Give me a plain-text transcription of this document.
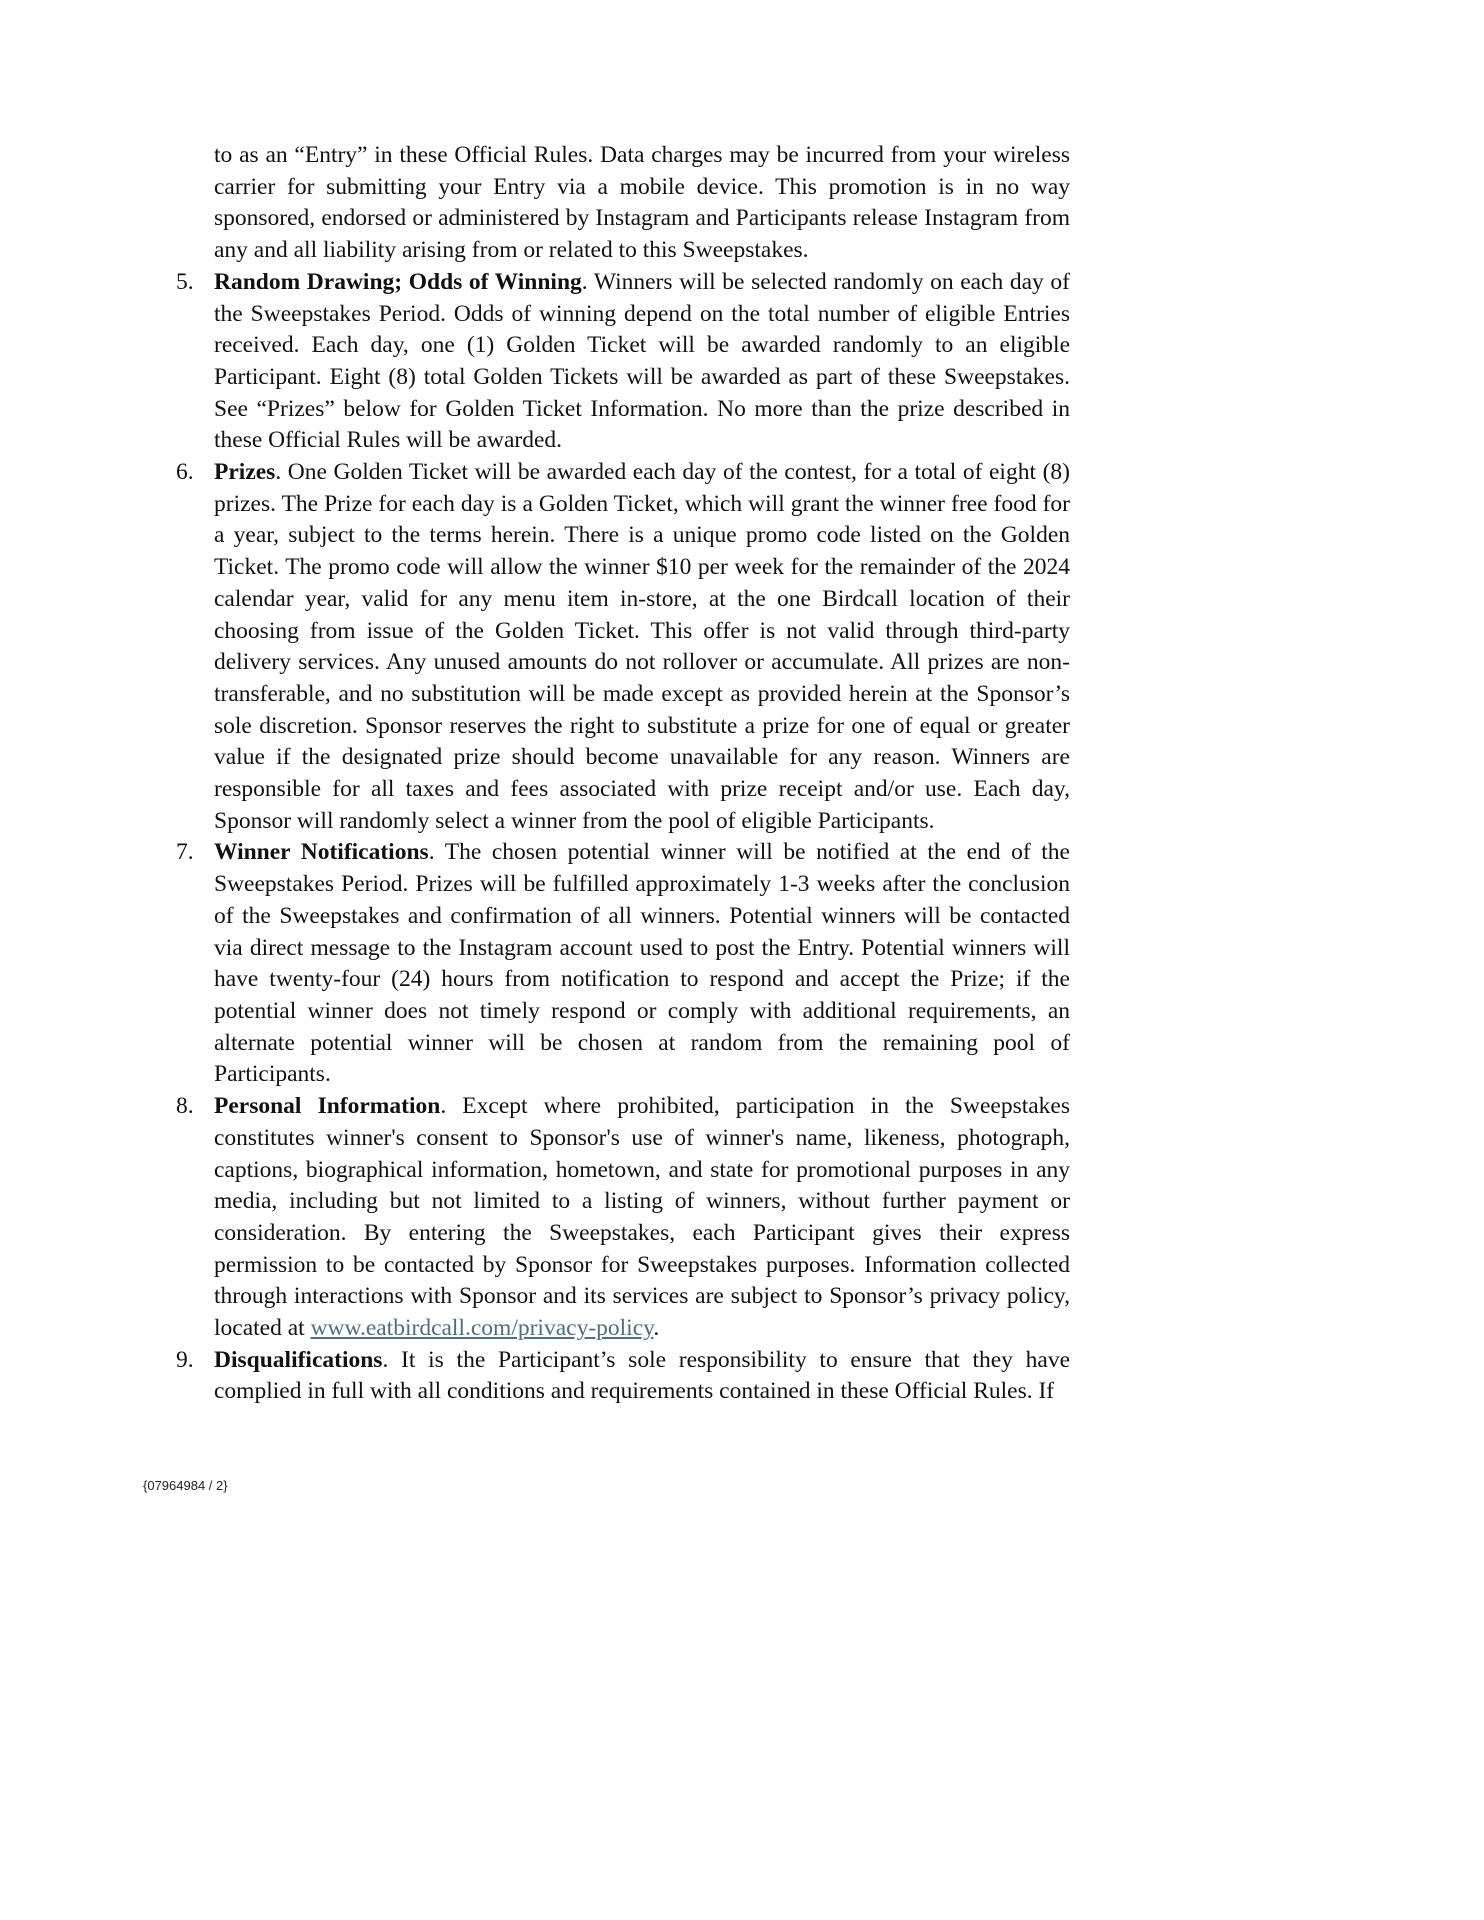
to as an “Entry” in these Official Rules. Data charges may be incurred from your wireless carrier for submitting your Entry via a mobile device. This promotion is in no way sponsored, endorsed or administered by Instagram and Participants release Instagram from any and all liability arising from or related to this Sweepstakes.

5. Random Drawing; Odds of Winning. Winners will be selected randomly on each day of the Sweepstakes Period. Odds of winning depend on the total number of eligible Entries received. Each day, one (1) Golden Ticket will be awarded randomly to an eligible Participant. Eight (8) total Golden Tickets will be awarded as part of these Sweepstakes. See “Prizes” below for Golden Ticket Information. No more than the prize described in these Official Rules will be awarded.
6. Prizes. One Golden Ticket will be awarded each day of the contest, for a total of eight (8) prizes. The Prize for each day is a Golden Ticket, which will grant the winner free food for a year, subject to the terms herein. There is a unique promo code listed on the Golden Ticket. The promo code will allow the winner $10 per week for the remainder of the 2024 calendar year, valid for any menu item in-store, at the one Birdcall location of their choosing from issue of the Golden Ticket. This offer is not valid through third-party delivery services. Any unused amounts do not rollover or accumulate. All prizes are non-transferable, and no substitution will be made except as provided herein at the Sponsor’s sole discretion. Sponsor reserves the right to substitute a prize for one of equal or greater value if the designated prize should become unavailable for any reason. Winners are responsible for all taxes and fees associated with prize receipt and/or use. Each day, Sponsor will randomly select a winner from the pool of eligible Participants.
7. Winner Notifications. The chosen potential winner will be notified at the end of the Sweepstakes Period. Prizes will be fulfilled approximately 1-3 weeks after the conclusion of the Sweepstakes and confirmation of all winners. Potential winners will be contacted via direct message to the Instagram account used to post the Entry. Potential winners will have twenty-four (24) hours from notification to respond and accept the Prize; if the potential winner does not timely respond or comply with additional requirements, an alternate potential winner will be chosen at random from the remaining pool of Participants.
8. Personal Information. Except where prohibited, participation in the Sweepstakes constitutes winner's consent to Sponsor's use of winner's name, likeness, photograph, captions, biographical information, hometown, and state for promotional purposes in any media, including but not limited to a listing of winners, without further payment or consideration. By entering the Sweepstakes, each Participant gives their express permission to be contacted by Sponsor for Sweepstakes purposes. Information collected through interactions with Sponsor and its services are subject to Sponsor’s privacy policy, located at www.eatbirdcall.com/privacy-policy.
9. Disqualifications. It is the Participant’s sole responsibility to ensure that they have complied in full with all conditions and requirements contained in these Official Rules. If
{07964984 / 2}
